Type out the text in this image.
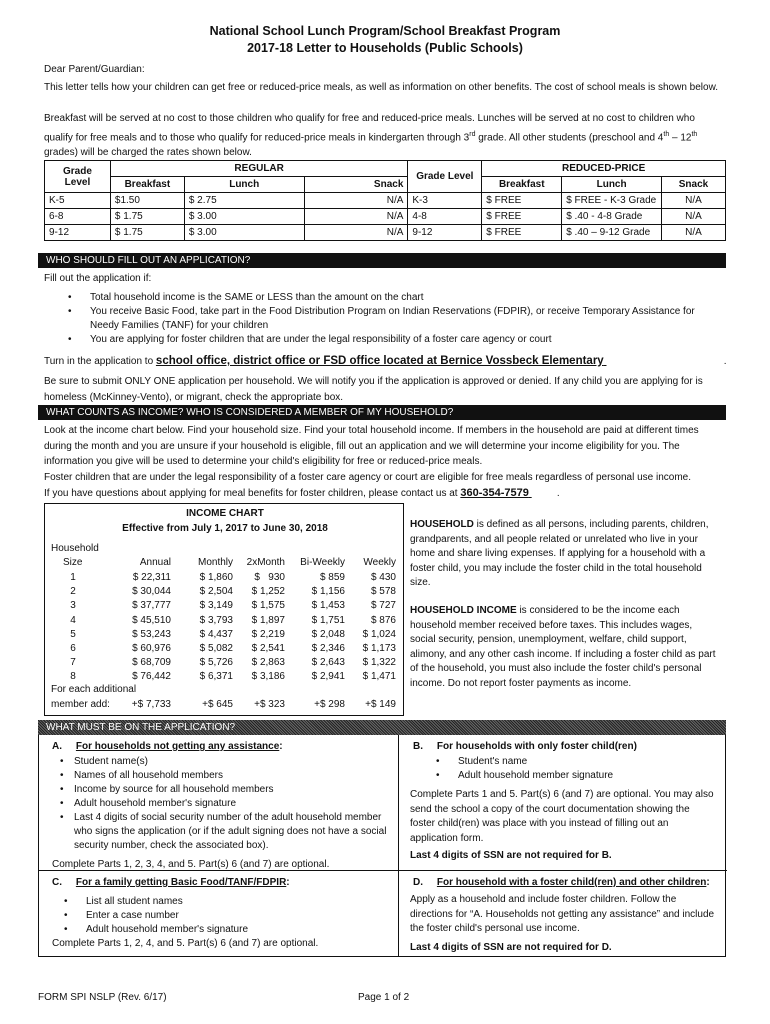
National School Lunch Program/School Breakfast Program
2017-18 Letter to Households (Public Schools)

Dear Parent/Guardian:

This letter tells how your children can get free or reduced-price meals, as well as information on other benefits. The cost of school meals is shown below.

Breakfast will be served at no cost to those children who qualify for free and reduced-price meals. Lunches will be served at no cost to children who qualify for free meals and to those who qualify for reduced-price meals in kindergarten through 3rd grade. All other students (preschool and 4th – 12th grades) will be charged the rates shown below.

Grade Level	REGULAR			Grade Level	REDUCED-PRICE		
	Breakfast	Lunch	Snack		Breakfast	Lunch	Snack
K-5	$1.50	$ 2.75	N/A	K-3	$ FREE	$ FREE - K-3 Grade	N/A
6-8	$ 1.75	$ 3.00	N/A	4-8	$ FREE	$ .40 - 4-8 Grade	N/A
9-12	$ 1.75	$ 3.00	N/A	9-12	$ FREE	$ .40 – 9-12 Grade	N/A
WHO SHOULD FILL OUT AN APPLICATION?

Fill out the application if:

• Total household income is the SAME or LESS than the amount on the chart
• You receive Basic Food, take part in the Food Distribution Program on Indian Reservations (FDPIR), or receive Temporary Assistance for Needy Families (TANF) for your children
• You are applying for foster children that are under the legal responsibility of a foster care agency or court

Turn in the application to school office, district office or FSD office located at Bernice Vossbeck Elementary	.

Be sure to submit ONLY ONE application per household. We will notify you if the application is approved or denied. If any child you are applying for is homeless (McKinney-Vento), or migrant, check the appropriate box.

WHAT COUNTS AS INCOME? WHO IS CONSIDERED A MEMBER OF MY HOUSEHOLD?

Look at the income chart below. Find your household size. Find your total household income. If members in the household are paid at different times during the month and you are unsure if your household is eligible, fill out an application and we will determine your income eligibility for you. The information you give will be used to determine your child's eligibility for free or reduced-price meals.

Foster children that are under the legal responsibility of a foster care agency or court are eligible for free meals regardless of personal use income.

If you have questions about applying for meal benefits for foster children, please contact us at 360-354-7579	.

INCOME CHART
Effective from July 1, 2017 to June 30, 2018
Household
Size	Annual	Monthly	2xMonth	Bi-Weekly	Weekly
1	$ 22,311	$ 1,860	$   930	$ 859	$ 430
2	$ 30,044	$ 2,504	$ 1,252	$ 1,156	$ 578
3	$ 37,777	$ 3,149	$ 1,575	$ 1,453	$ 727
4	$ 45,510	$ 3,793	$ 1,897	$ 1,751	$ 876
5	$ 53,243	$ 4,437	$ 2,219	$ 2,048	$ 1,024
6	$ 60,976	$ 5,082	$ 2,541	$ 2,346	$ 1,173
7	$ 68,709	$ 5,726	$ 2,863	$ 2,643	$ 1,322
8	$ 76,442	$ 6,371	$ 3,186	$ 2,941	$ 1,471
For each additional
member add:	+$ 7,733	+$ 645	+$ 323	+$ 298	+$ 149

HOUSEHOLD is defined as all persons, including parents, children, grandparents, and all people related or unrelated who live in your home and share living expenses. If applying for a household with a foster child, you may include the foster child in the total household size.

HOUSEHOLD INCOME is considered to be the income each household member received before taxes. This includes wages, social security, pension, unemployment, welfare, child support, alimony, and any other cash income. If including a foster child as part of the household, you must also include the foster child's personal income. Do not report foster payments as income.

WHAT MUST BE ON THE APPLICATION?
A. For households not getting any assistance:
• Student name(s)
• Names of all household members
• Income by source for all household members
• Adult household member's signature
• Last 4 digits of social security number of the adult household member who signs the application (or if the adult signing does not have a social security number, check the associated box).

Complete Parts 1, 2, 3, 4, and 5. Part(s) 6 (and 7) are optional.

B. For households with only foster child(ren)
• Student's name
• Adult household member signature

Complete Parts 1 and 5. Part(s) 6 (and 7) are optional. You may also send the school a copy of the court documentation showing the foster child(ren) was place with you instead of filling out an application form.

Last 4 digits of SSN are not required for B.

C. For a family getting Basic Food/TANF/FDPIR:
• List all student names
• Enter a case number
• Adult household member's signature

Complete Parts 1, 2, 4, and 5. Part(s) 6 (and 7) are optional.

D. For household with a foster child(ren) and other children:

Apply as a household and include foster children. Follow the directions for “A. Households not getting any assistance” and include the foster child's personal use income.

Last 4 digits of SSN are not required for D.

FORM SPI NSLP (Rev. 6/17)	Page 1 of 2
